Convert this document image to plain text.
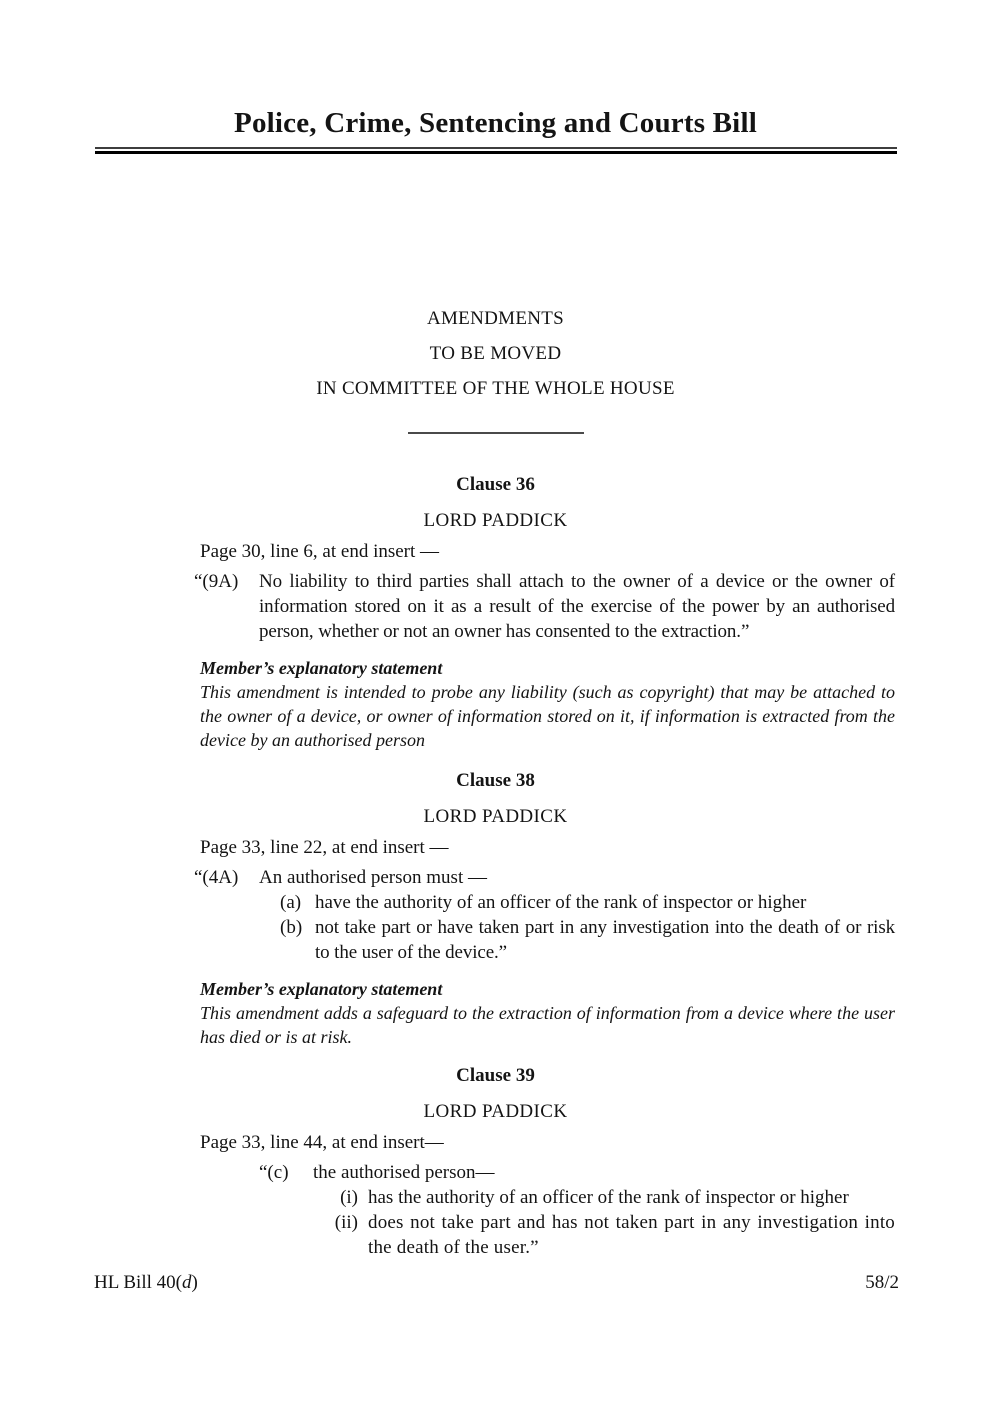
Police, Crime, Sentencing and Courts Bill
AMENDMENTS
TO BE MOVED
IN COMMITTEE OF THE WHOLE HOUSE
Clause 36
LORD PADDICK
Page 30, line 6, at end insert —
“(9A)	No liability to third parties shall attach to the owner of a device or the owner of information stored on it as a result of the exercise of the power by an authorised person, whether or not an owner has consented to the extraction.”
Member’s explanatory statement
This amendment is intended to probe any liability (such as copyright) that may be attached to the owner of a device, or owner of information stored on it, if information is extracted from the device by an authorised person
Clause 38
LORD PADDICK
Page 33, line 22, at end insert —
“(4A)	An authorised person must —
(a) have the authority of an officer of the rank of inspector or higher
(b) not take part or have taken part in any investigation into the death of or risk to the user of the device.”
Member’s explanatory statement
This amendment adds a safeguard to the extraction of information from a device where the user has died or is at risk.
Clause 39
LORD PADDICK
Page 33, line 44, at end insert—
“(c)	the authorised person—
(i) has the authority of an officer of the rank of inspector or higher
(ii) does not take part and has not taken part in any investigation into the death of the user.”
HL Bill 40(d)	58/2
